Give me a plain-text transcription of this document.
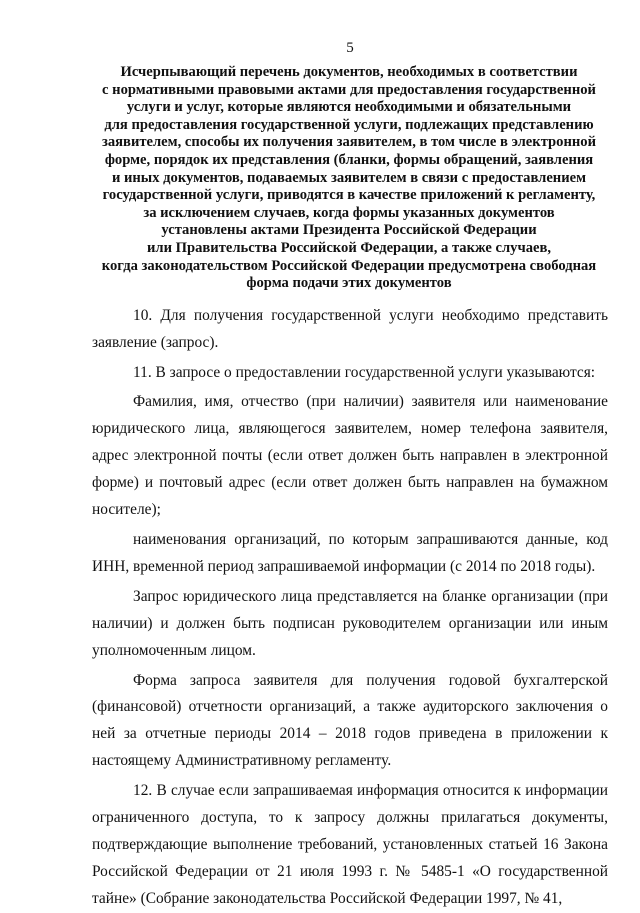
5
Исчерпывающий перечень документов, необходимых в соответствии
с нормативными правовыми актами для предоставления государственной
услуги и услуг, которые являются необходимыми и обязательными
для предоставления государственной услуги, подлежащих представлению
заявителем, способы их получения заявителем, в том числе в электронной
форме, порядок их представления (бланки, формы обращений, заявления
и иных документов, подаваемых заявителем в связи с предоставлением
государственной услуги, приводятся в качестве приложений к регламенту,
за исключением случаев, когда формы указанных документов
установлены актами Президента Российской Федерации
или Правительства Российской Федерации, а также случаев,
когда законодательством Российской Федерации предусмотрена свободная
форма подачи этих документов

10. Для получения государственной услуги необходимо представить заявление (запрос).

11. В запросе о предоставлении государственной услуги указываются:

Фамилия, имя, отчество (при наличии) заявителя или наименование юридического лица, являющегося заявителем, номер телефона заявителя, адрес электронной почты (если ответ должен быть направлен в электронной форме) и почтовый адрес (если ответ должен быть направлен на бумажном носителе);

наименования организаций, по которым запрашиваются данные, код ИНН, временной период запрашиваемой информации (с 2014 по 2018 годы).

Запрос юридического лица представляется на бланке организации (при наличии) и должен быть подписан руководителем организации или иным уполномоченным лицом.

Форма запроса заявителя для получения годовой бухгалтерской (финансовой) отчетности организаций, а также аудиторского заключения о ней за отчетные периоды 2014 – 2018 годов приведена в приложении к настоящему Административному регламенту.

12. В случае если запрашиваемая информация относится к информации ограниченного доступа, то к запросу должны прилагаться документы, подтверждающие выполнение требований, установленных статьей 16 Закона Российской Федерации от 21 июля 1993 г. № 5485-1 «О государственной тайне» (Собрание законодательства Российской Федерации 1997, № 41,
